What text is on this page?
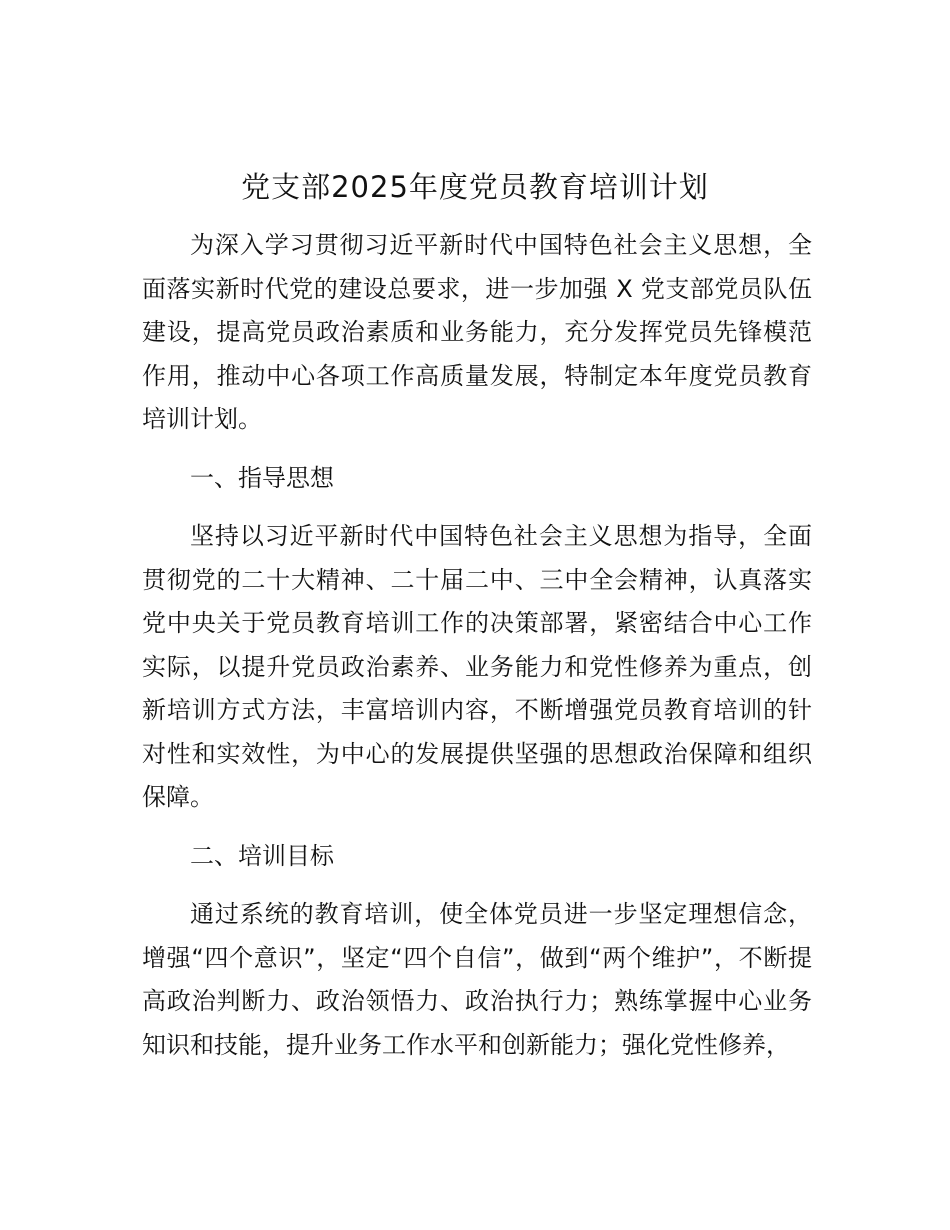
党支部2025年度党员教育培训计划

为深入学习贯彻习近平新时代中国特色社会主义思想，全面落实新时代党的建设总要求，进一步加强 X 党支部党员队伍建设，提高党员政治素质和业务能力，充分发挥党员先锋模范作用，推动中心各项工作高质量发展，特制定本年度党员教育培训计划。

一、指导思想

坚持以习近平新时代中国特色社会主义思想为指导，全面贯彻党的二十大精神、二十届二中、三中全会精神，认真落实党中央关于党员教育培训工作的决策部署，紧密结合中心工作实际，以提升党员政治素养、业务能力和党性修养为重点，创新培训方式方法，丰富培训内容，不断增强党员教育培训的针对性和实效性，为中心的发展提供坚强的思想政治保障和组织保障。

二、培训目标

通过系统的教育培训，使全体党员进一步坚定理想信念，增强“四个意识”，坚定“四个自信”，做到“两个维护”，不断提高政治判断力、政治领悟力、政治执行力；熟练掌握中心业务知识和技能，提升业务工作水平和创新能力；强化党性修养，
